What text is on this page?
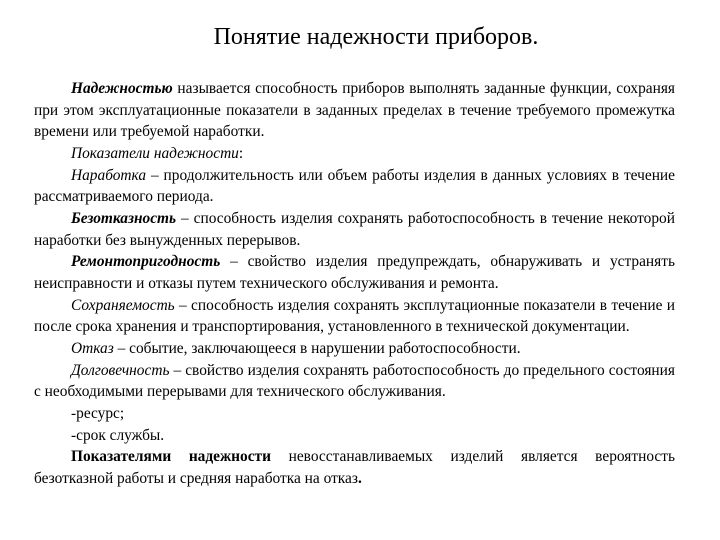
Понятие надежности приборов.

Надежностью называется способность приборов выполнять заданные функции, сохраняя при этом эксплуатационные показатели в заданных пределах в течение требуемого промежутка времени или требуемой наработки.

Показатели надежности:

Наработка – продолжительность или объем работы изделия в данных условиях в течение рассматриваемого периода.

Безотказность – способность изделия сохранять работоспособность в течение некоторой наработки без вынужденных перерывов.

Ремонтопригодность – свойство изделия предупреждать, обнаруживать и устранять неисправности и отказы путем технического обслуживания и ремонта.

Сохраняемость – способность изделия сохранять эксплутационные показатели в течение и после срока хранения и транспортирования, установленного в технической документации.

Отказ – событие, заключающееся в нарушении работоспособности.

Долговечность – свойство изделия сохранять работоспособность до предельного состояния с необходимыми перерывами для технического обслуживания.

-ресурс;

-срок службы.

Показателями надежности невосстанавливаемых изделий является вероятность безотказной работы и средняя наработка на отказ.
